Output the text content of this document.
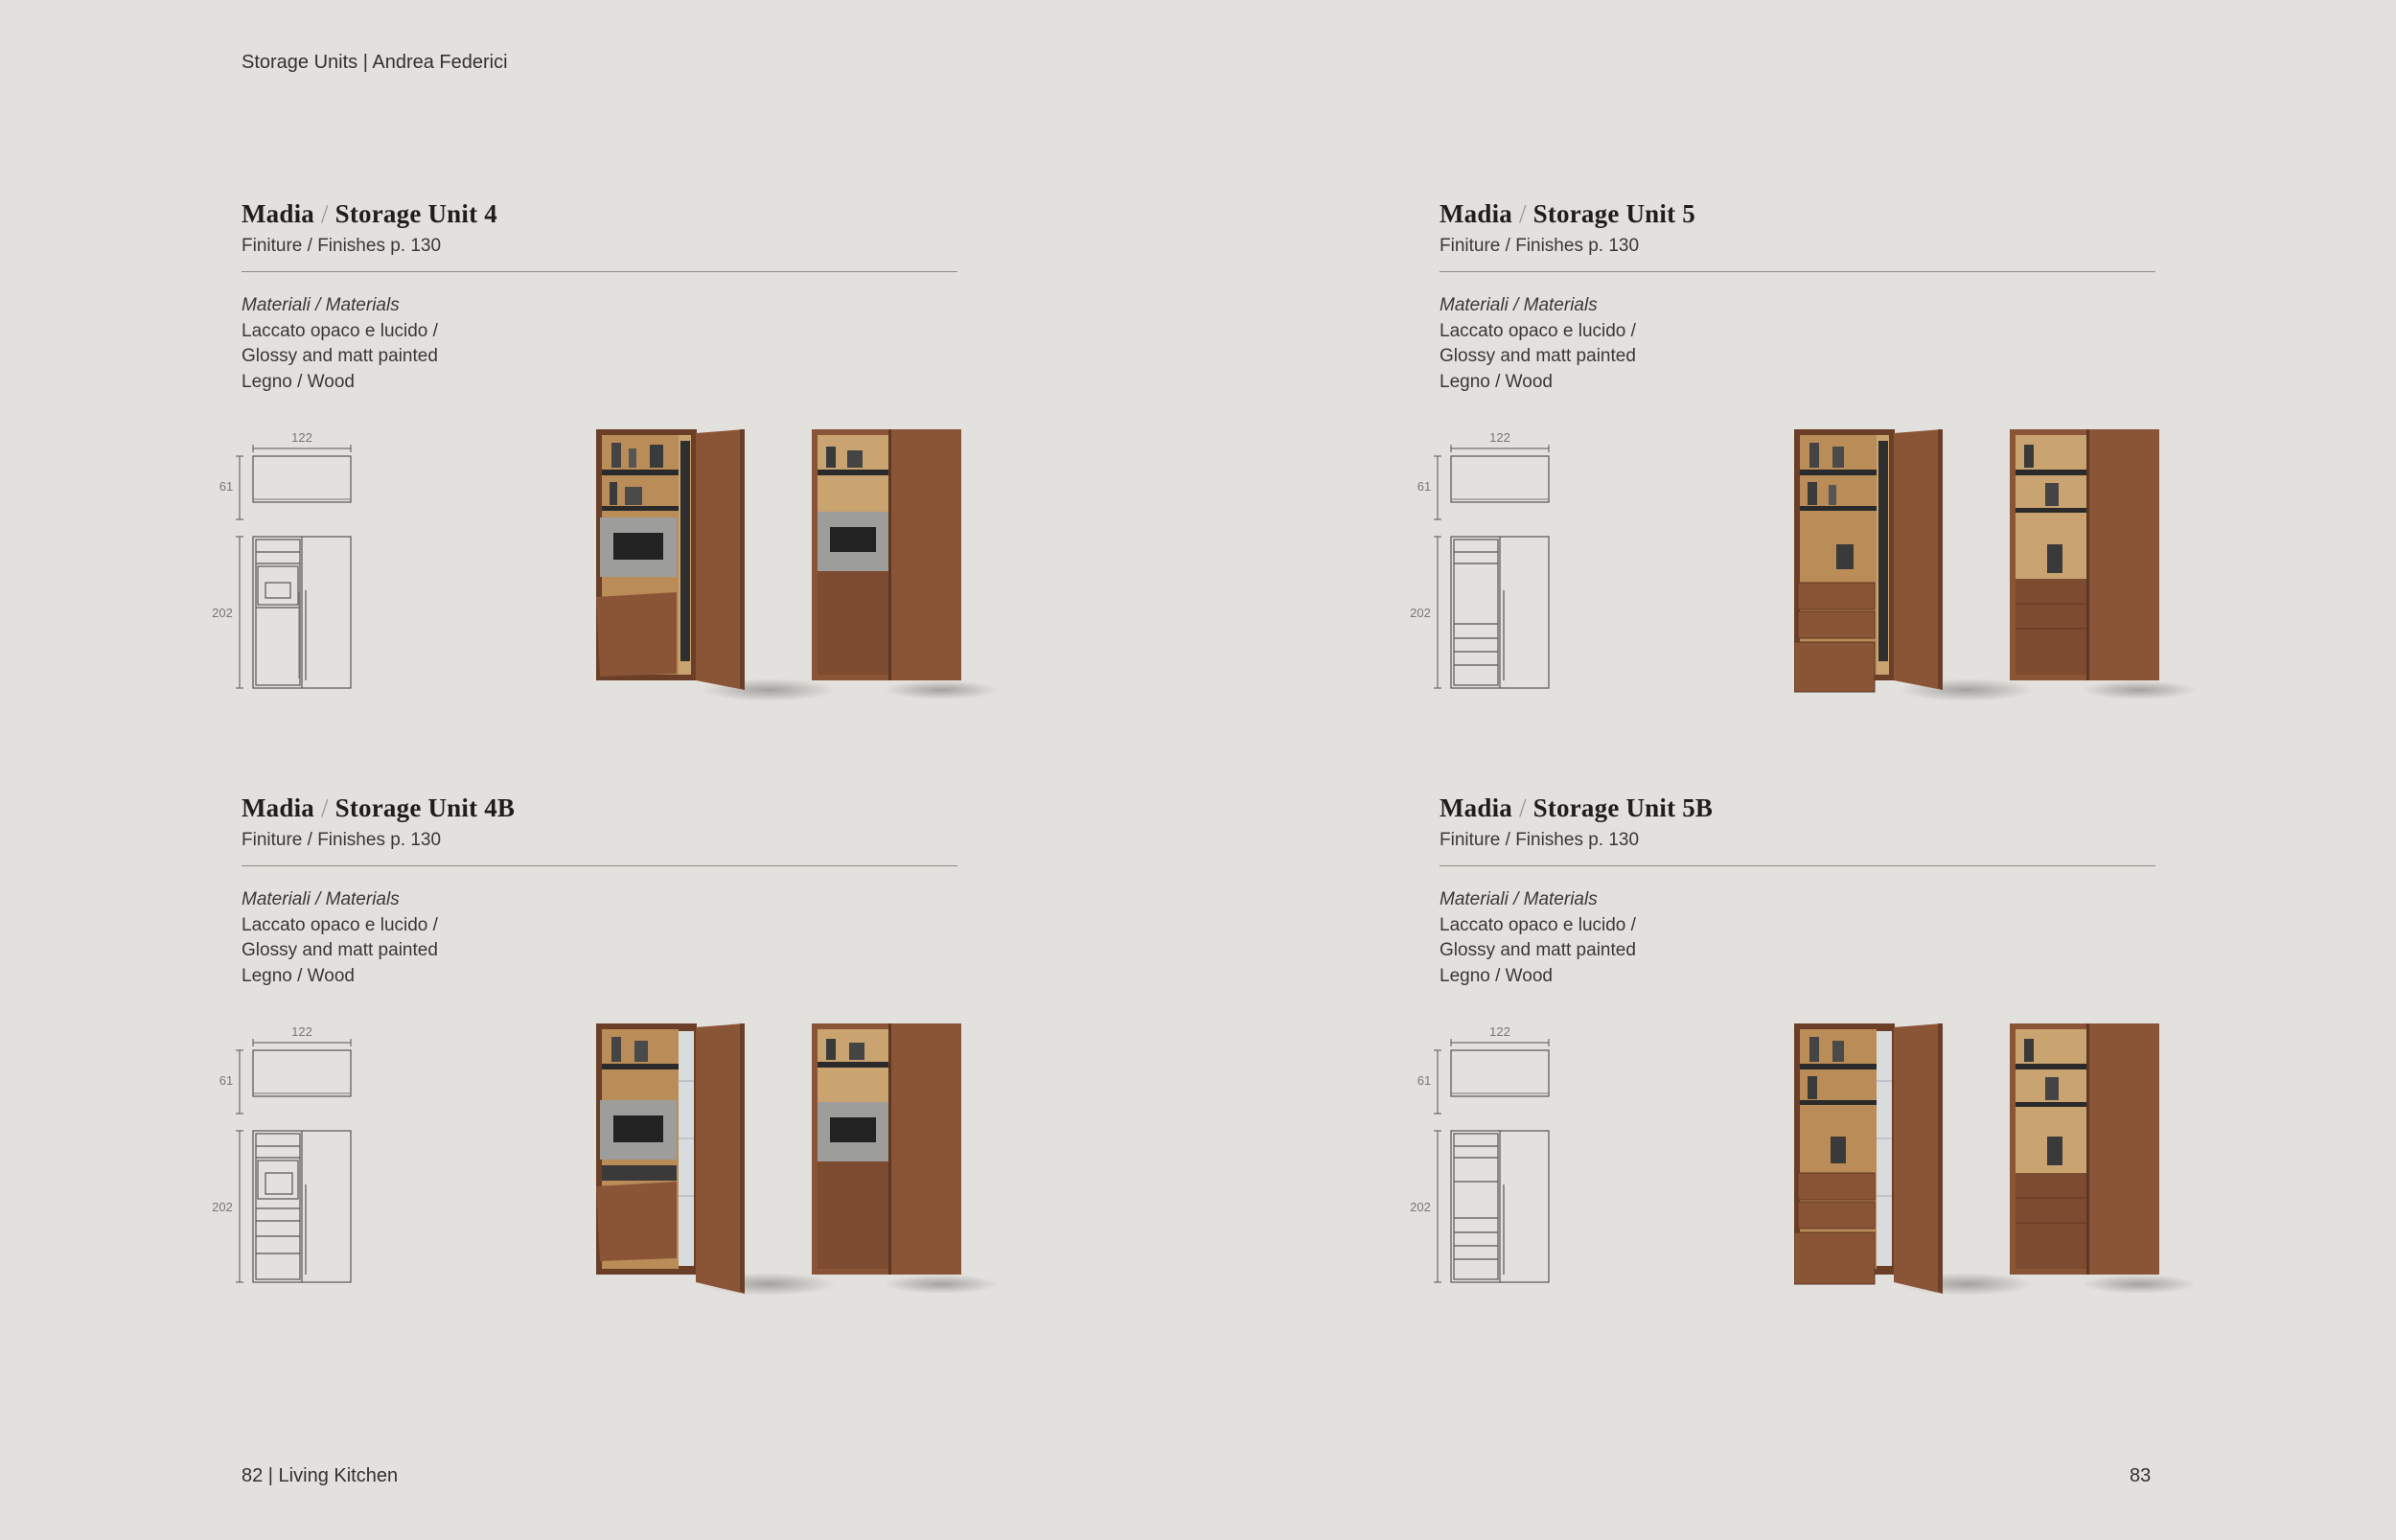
Storage Units | Andrea Federici
Madia / Storage Unit 4
Finiture / Finishes p. 130
Materiali / Materials
Laccato opaco e lucido /
Glossy and matt painted
Legno / Wood
122
61
202
Madia / Storage Unit 5
Finiture / Finishes p. 130
Materiali / Materials
Laccato opaco e lucido /
Glossy and matt painted
Legno / Wood
122
61
202
Madia / Storage Unit 4B
Finiture / Finishes p. 130
Materiali / Materials
Laccato opaco e lucido /
Glossy and matt painted
Legno / Wood
122
61
202
Madia / Storage Unit 5B
Finiture / Finishes p. 130
Materiali / Materials
Laccato opaco e lucido /
Glossy and matt painted
Legno / Wood
122
61
202
82 | Living Kitchen	83
